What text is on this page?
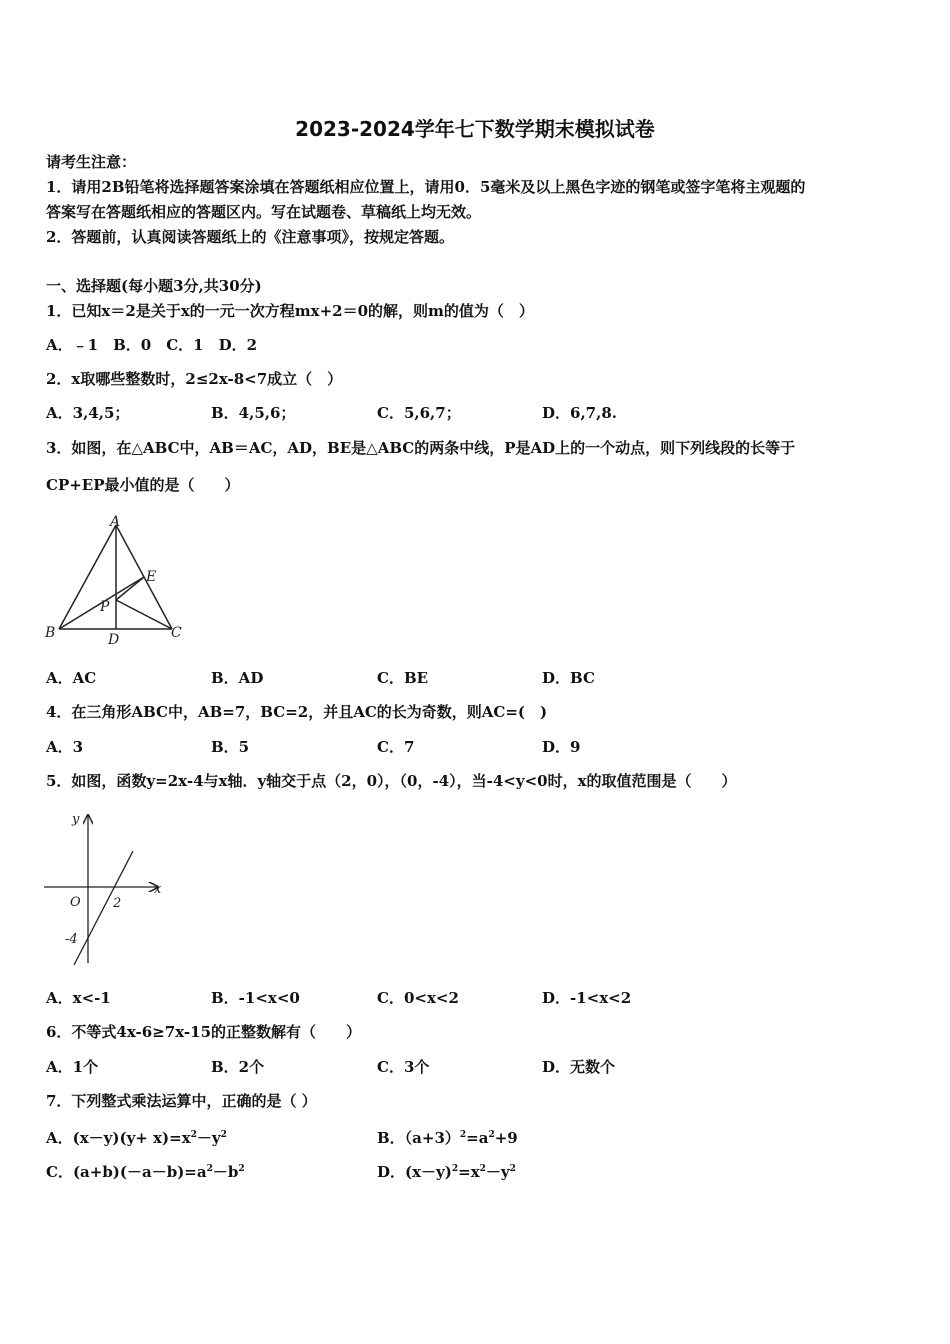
2023-2024学年七下数学期末模拟试卷
请考生注意：
1．请用2B铅笔将选择题答案涂填在答题纸相应位置上，请用0．5毫米及以上黑色字迹的钢笔或签字笔将主观题的
答案写在答题纸相应的答题区内。写在试题卷、草稿纸上均无效。
2．答题前，认真阅读答题纸上的《注意事项》，按规定答题。
一、选择题(每小题3分,共30分)
1．已知x＝2是关于x的一元一次方程mx+2＝0的解，则m的值为（　）
A．﹣1　B．0　C．1　D．2
2．x取哪些整数时，2≤2x-8<7成立（　）
A．3,4,5；	B．4,5,6；	C．5,6,7；	D．6,7,8.
3．如图，在△ABC中，AB＝AC，AD，BE是△ABC的两条中线，P是AD上的一个动点，则下列线段的长等于
CP+EP最小值的是（　　）
A
B	C
D
E
P
A．AC	B．AD	C．BE	D．BC
4．在三角形ABC中，AB=7，BC=2，并且AC的长为奇数，则AC=(　)
A．3	B．5	C．7	D．9
5．如图，函数y=2x-4与x轴．y轴交于点（2，0），（0，-4），当-4<y<0时，x的取值范围是（　　）
y
x
O 2
-4
A．x<-1	B．-1<x<0	C．0<x<2	D．-1<x<2
6．不等式4x-6≥7x-15的正整数解有（　　）
A．1个	B．2个	C．3个	D．无数个
7．下列整式乘法运算中，正确的是（ ）
A．$(x-y)(y+ x)=x^2-y^2$	B．$(a+3)^2=a^2+9$
C．$(a+b)(-a-b)=a^2-b^2$	D．$(x-y)^2=x^2-y^2$
